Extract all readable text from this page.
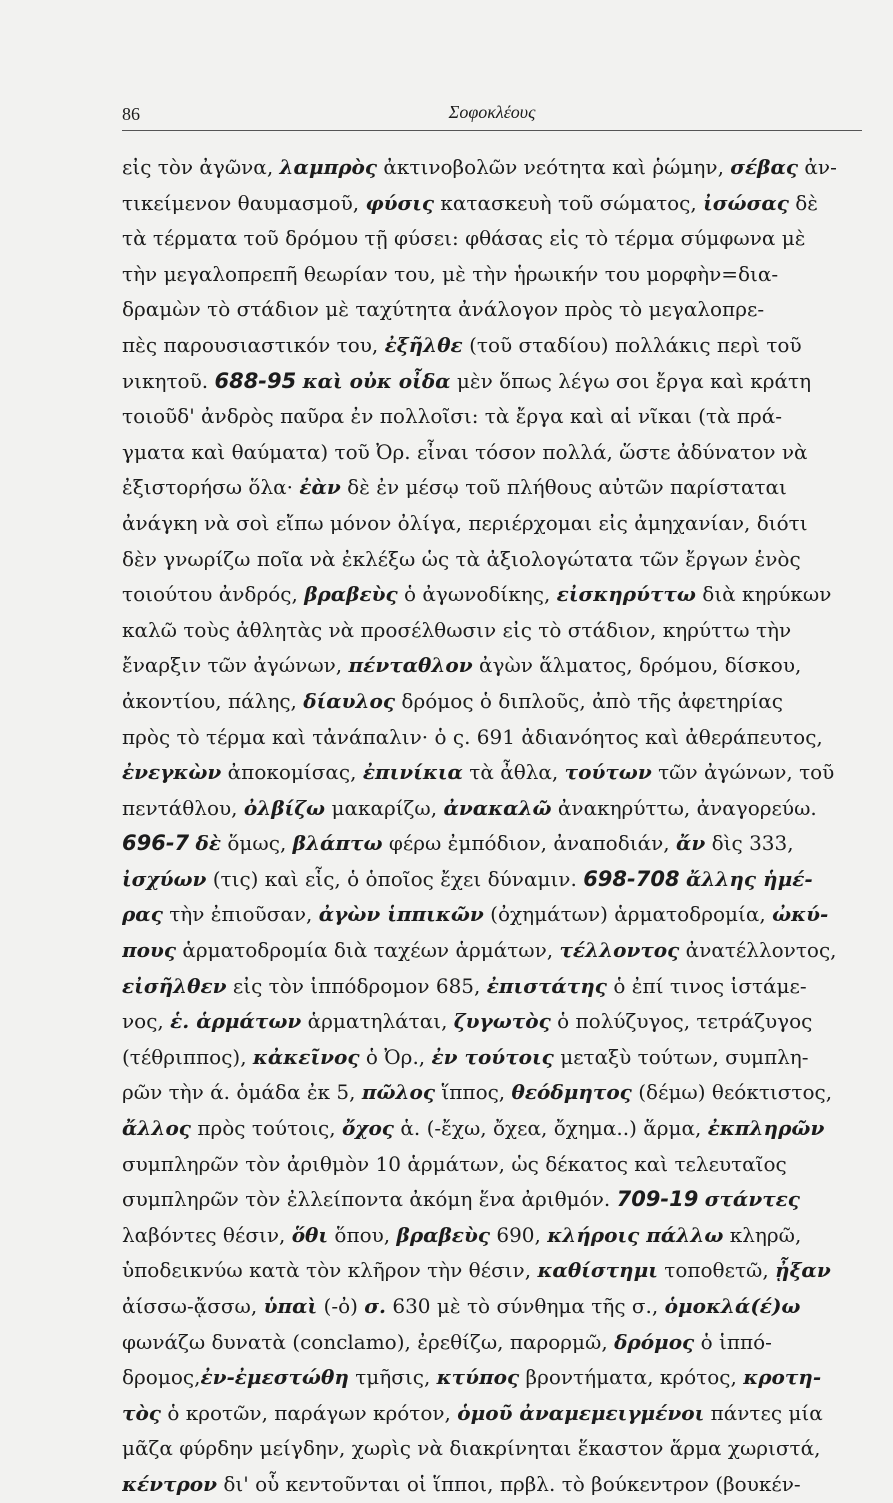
86	Σοφοκλέους
εἰς τὸν ἀγῶνα, λαμπρὸς ἀκτινοβολῶν νεότητα καὶ ῥώμην, σέβας ἀν-
τικείμενον θαυμασμοῦ, φύσις κατασκευὴ τοῦ σώματος, ἰσώσας δὲ
τὰ τέρματα τοῦ δρόμου τῇ φύσει: φθάσας εἰς τὸ τέρμα σύμφωνα μὲ
τὴν μεγαλοπρεπῆ θεωρίαν του, μὲ τὴν ἡρωικήν του μορφὴν=δια-
δραμὼν τὸ στάδιον μὲ ταχύτητα ἀνάλογον πρὸς τὸ μεγαλοπρε-
πὲς παρουσιαστικόν του, ἐξῆλθε (τοῦ σταδίου) πολλάκις περὶ τοῦ
νικητοῦ. 688-95 καὶ οὐκ οἶδα μὲν ὅπως λέγω σοι ἔργα καὶ κράτη
τοιοῦδ' ἀνδρὸς παῦρα ἐν πολλοῖσι: τὰ ἔργα καὶ αἱ νῖκαι (τὰ πρά-
γματα καὶ θαύματα) τοῦ Ὀρ. εἶναι τόσον πολλά, ὥστε ἀδύνατον νὰ
ἐξιστορήσω ὅλα· ἐὰν δὲ ἐν μέσῳ τοῦ πλήθους αὐτῶν παρίσταται
ἀνάγκη νὰ σοὶ εἴπω μόνον ὀλίγα, περιέρχομαι εἰς ἀμηχανίαν, διότι
δὲν γνωρίζω ποῖα νὰ ἐκλέξω ὡς τὰ ἀξιολογώτατα τῶν ἔργων ἑνὸς
τοιούτου ἀνδρός, βραβεὺς ὁ ἀγωνοδίκης, εἰσκηρύττω διὰ κηρύκων
καλῶ τοὺς ἀθλητὰς νὰ προσέλθωσιν εἰς τὸ στάδιον, κηρύττω τὴν
ἔναρξιν τῶν ἀγώνων, πένταθλον ἀγὼν ἅλματος, δρόμου, δίσκου,
ἀκοντίου, πάλης, δίαυλος δρόμος ὁ διπλοῦς, ἀπὸ τῆς ἀφετηρίας
πρὸς τὸ τέρμα καὶ τἀνάπαλιν· ὁ ς. 691 ἀδιανόητος καὶ ἀθεράπευτος,
ἐνεγκὼν ἀποκομίσας, ἐπινίκια τὰ ἆθλα, τούτων τῶν ἀγώνων, τοῦ
πεντάθλου, ὀλβίζω μακαρίζω, ἀνακαλῶ ἀνακηρύττω, ἀναγορεύω.
696-7 δὲ ὅμως, βλάπτω φέρω ἐμπόδιον, ἀναποδιάν, ἄν δὶς 333,
ἰσχύων (τις) καὶ εἷς, ὁ ὁποῖος ἔχει δύναμιν. 698-708 ἄλλης ἡμέ-
ρας τὴν ἐπιοῦσαν, ἀγὼν ἱππικῶν (ὀχημάτων) ἁρματοδρομία, ὠκύ-
πους ἁρματοδρομία διὰ ταχέων ἁρμάτων, τέλλοντος ἀνατέλλοντος,
εἰσῆλθεν εἰς τὸν ἱππόδρομον 685, ἐπιστάτης ὁ ἐπί τινος ἱστάμε-
νος, ἑ. ἁρμάτων ἁρματηλάται, ζυγωτὸς ὁ πολύζυγος, τετράζυγος
(τέθριππος), κἀκεῖνος ὁ Ὀρ., ἐν τούτοις μεταξὺ τούτων, συμπλη-
ρῶν τὴν ά. ὁμάδα ἐκ 5, πῶλος ἵππος, θεόδμητος (δέμω) θεόκτιστος,
ἄλλος πρὸς τούτοις, ὄχος ἁ. (-ἔχω, ὄχεα, ὄχημα..) ἅρμα, ἐκπληρῶν
συμπληρῶν τὸν ἀριθμὸν 10 ἁρμάτων, ὡς δέκατος καὶ τελευταῖος
συμπληρῶν τὸν ἐλλείποντα ἀκόμη ἕνα ἀριθμόν. 709-19 στάντες
λαβόντες θέσιν, ὅθι ὅπου, βραβεὺς 690, κλήροις πάλλω κληρῶ,
ὑποδεικνύω κατὰ τὸν κλῆρον τὴν θέσιν, καθίστημι τοποθετῶ, ᾖξαν
ἀίσσω-ᾄσσω, ὑπαὶ (-ὀ) σ. 630 μὲ τὸ σύνθημα τῆς σ., ὁμοκλά(έ)ω
φωνάζω δυνατὰ (conclamo), ἐρεθίζω, παρορμῶ, δρόμος ὁ ἱππό-
δρομος,ἐν-ἐμεστώθη τμῆσις, κτύπος βροντήματα, κρότος, κροτη-
τὸς ὁ κροτῶν, παράγων κρότον, ὁμοῦ ἀναμεμειγμένοι πάντες μία
μᾶζα φύρδην μείγδην, χωρὶς νὰ διακρίνηται ἕκαστον ἅρμα χωριστά,
κέντρον δι' οὗ κεντοῦνται οἱ ἵπποι, πρβλ. τὸ βούκεντρον (βουκέν-
